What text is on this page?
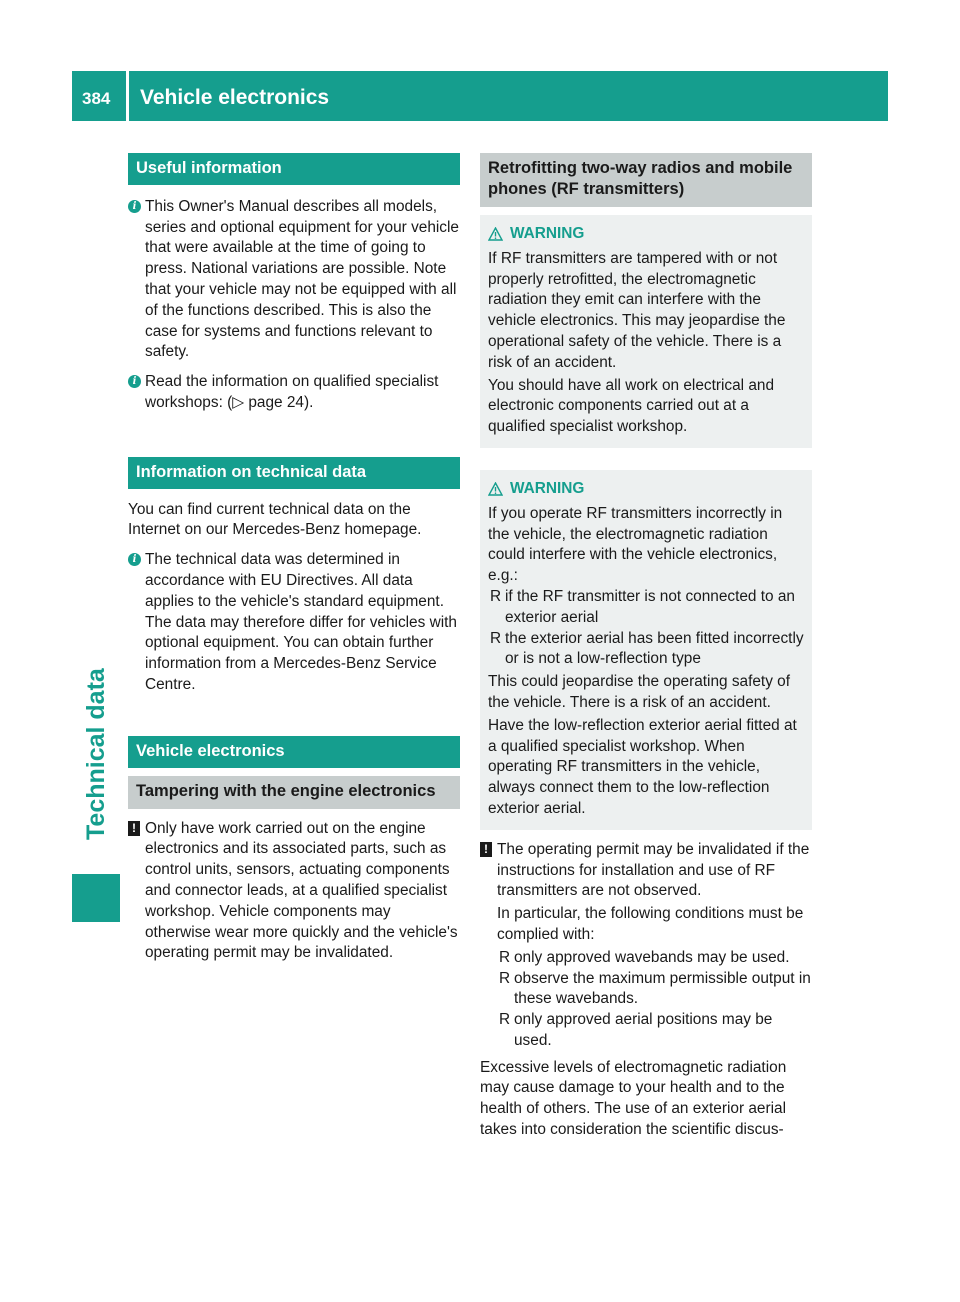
384 Vehicle electronics
Technical data
Useful information
i This Owner's Manual describes all models, series and optional equipment for your vehicle that were available at the time of going to press. National variations are possible. Note that your vehicle may not be equipped with all of the functions described. This is also the case for systems and functions relevant to safety.

i Read the information on qualified specialist workshops: (▷ page 24).

Information on technical data

You can find current technical data on the Internet on our Mercedes-Benz homepage.

i The technical data was determined in accordance with EU Directives. All data applies to the vehicle's standard equipment. The data may therefore differ for vehicles with optional equipment. You can obtain further information from a Mercedes-Benz Service Centre.

Vehicle electronics
Tampering with the engine electronics
! Only have work carried out on the engine electronics and its associated parts, such as control units, sensors, actuating components and connector leads, at a qualified specialist workshop. Vehicle components may otherwise wear more quickly and the vehicle's operating permit may be invalidated.

Retrofitting two-way radios and mobile phones (RF transmitters)
WARNING

If RF transmitters are tampered with or not properly retrofitted, the electromagnetic radiation they emit can interfere with the vehicle electronics. This may jeopardise the operational safety of the vehicle. There is a risk of an accident.

You should have all work on electrical and electronic components carried out at a qualified specialist workshop.

WARNING

If you operate RF transmitters incorrectly in the vehicle, the electromagnetic radiation could interfere with the vehicle electronics, e.g.:

R if the RF transmitter is not connected to an exterior aerial
R the exterior aerial has been fitted incorrectly or is not a low-reflection type

This could jeopardise the operating safety of the vehicle. There is a risk of an accident.

Have the low-reflection exterior aerial fitted at a qualified specialist workshop. When operating RF transmitters in the vehicle, always connect them to the low-reflection exterior aerial.

! The operating permit may be invalidated if the instructions for installation and use of RF transmitters are not observed.

In particular, the following conditions must be complied with:

R only approved wavebands may be used.
R observe the maximum permissible output in these wavebands.
R only approved aerial positions may be used.

Excessive levels of electromagnetic radiation may cause damage to your health and to the health of others. The use of an exterior aerial takes into consideration the scientific discus-
